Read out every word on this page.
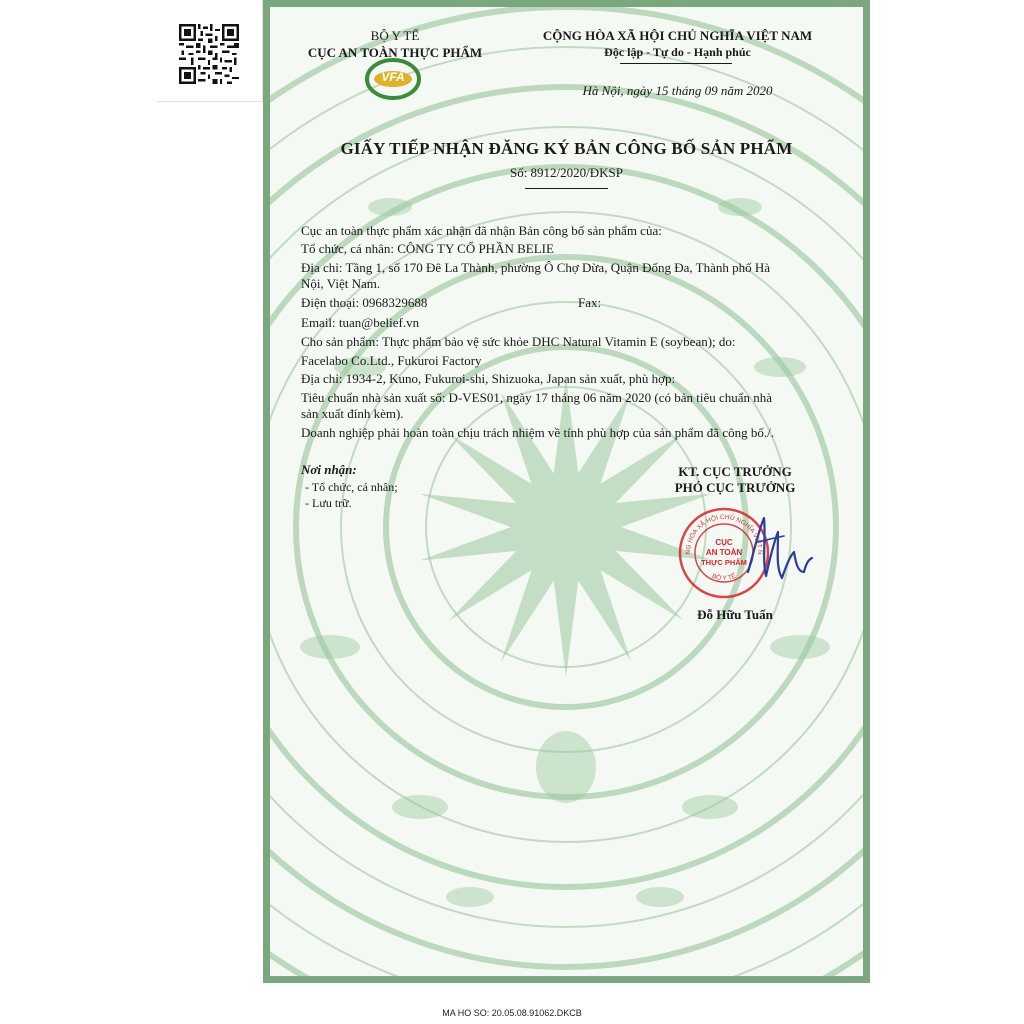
BỘ Y TẾ
CỤC AN TOÀN THỰC PHẨM
VFA
CỘNG HÒA XÃ HỘI CHỦ NGHĨA VIỆT NAM
Độc lập - Tự do - Hạnh phúc
Hà Nội, ngày 15 tháng 09 năm 2020
GIẤY TIẾP NHẬN ĐĂNG KÝ BẢN CÔNG BỐ SẢN PHẨM
Số: 8912/2020/ĐKSP
Cục an toàn thực phẩm xác nhận đã nhận Bản công bố sản phẩm của:
Tổ chức, cá nhân: CÔNG TY CỔ PHẦN BELIE
Địa chỉ: Tầng 1, số 170 Đê La Thành, phường Ô Chợ Dừa, Quận Đống Đa, Thành phố Hà
Nội, Việt Nam.
Điện thoại: 0968329688	Fax:
Email: tuan@belief.vn
Cho sản phẩm: Thực phẩm bảo vệ sức khỏe DHC Natural Vitamin E (soybean); do:
Facelabo Co.Ltd., Fukuroi Factory
Địa chỉ: 1934-2, Kuno, Fukuroi-shi, Shizuoka, Japan sản xuất, phù hợp:
Tiêu chuẩn nhà sản xuất số: D-VES01, ngày 17 tháng 06 năm 2020 (có bản tiêu chuẩn nhà
sản xuất đính kèm).
Doanh nghiệp phải hoàn toàn chịu trách nhiệm về tính phù hợp của sản phẩm đã công bố./.
Nơi nhận:
- Tổ chức, cá nhân;
- Lưu trữ.
KT. CỤC TRƯỞNG
PHÓ CỤC TRƯỞNG
NG HÒA XÃ HỘI CHỦ NGHĨA VIỆT N
BỘ Y TẾ
CỤC
AN TOÀN
THỰC PHẨM
Đỗ Hữu Tuấn
MA HO SO: 20.05.08.91062.DKCB
